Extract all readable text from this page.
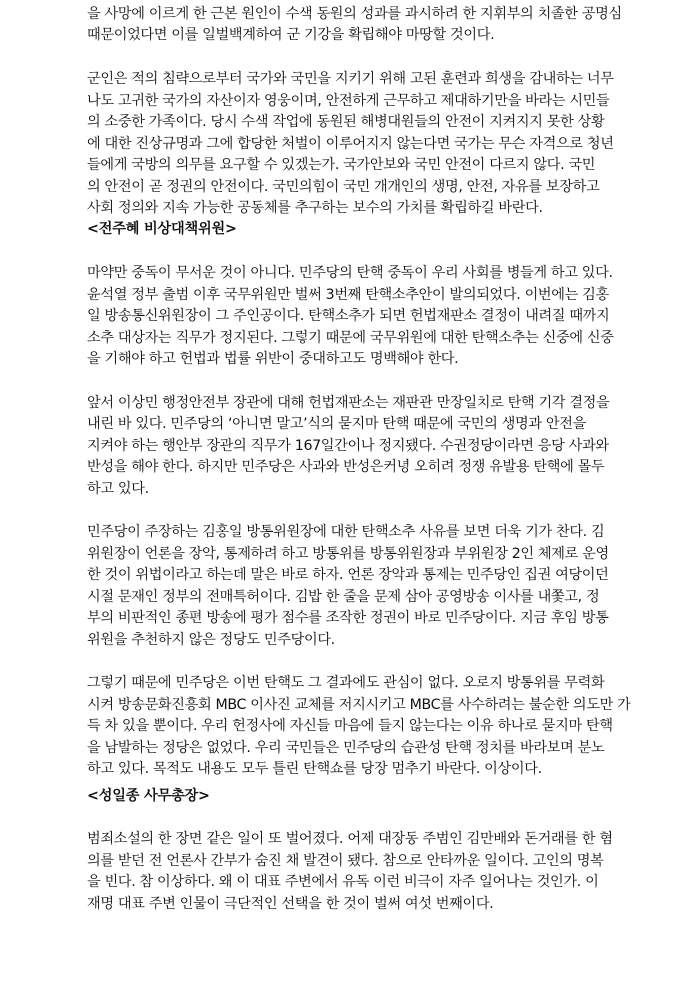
을 사망에 이르게 한 근본 원인이 수색 동원의 성과를 과시하려 한 지휘부의 치졸한 공명심
때문이었다면 이를 일벌백계하여 군 기강을 확립해야 마땅할 것이다.
군인은 적의 침략으로부터 국가와 국민을 지키기 위해 고된 훈련과 희생을 감내하는 너무
나도 고귀한 국가의 자산이자 영웅이며, 안전하게 근무하고 제대하기만을 바라는 시민들
의 소중한 가족이다. 당시 수색 작업에 동원된 해병대원들의 안전이 지켜지지 못한 상황
에 대한 진상규명과 그에 합당한 처벌이 이루어지지 않는다면 국가는 무슨 자격으로 청년
들에게 국방의 의무를 요구할 수 있겠는가. 국가안보와 국민 안전이 다르지 않다. 국민
의 안전이 곧 정권의 안전이다. 국민의힘이 국민 개개인의 생명, 안전, 자유를 보장하고
사회 정의와 지속 가능한 공동체를 추구하는 보수의 가치를 확립하길 바란다.
<전주혜 비상대책위원>
마약만 중독이 무서운 것이 아니다. 민주당의 탄핵 중독이 우리 사회를 병들게 하고 있다.
윤석열 정부 출범 이후 국무위원만 벌써 3번째 탄핵소추안이 발의되었다. 이번에는 김홍
일 방송통신위원장이 그 주인공이다. 탄핵소추가 되면 헌법재판소 결정이 내려질 때까지
소추 대상자는 직무가 정지된다. 그렇기 때문에 국무위원에 대한 탄핵소추는 신중에 신중
을 기해야 하고 헌법과 법률 위반이 중대하고도 명백해야 한다.
앞서 이상민 행정안전부 장관에 대해 헌법재판소는 재판관 만장일치로 탄핵 기각 결정을
내린 바 있다. 민주당의 ‘아니면 말고’식의 묻지마 탄핵 때문에 국민의 생명과 안전을
지켜야 하는 행안부 장관의 직무가 167일간이나 정지됐다. 수권정당이라면 응당 사과와
반성을 해야 한다. 하지만 민주당은 사과와 반성은커녕 오히려 정쟁 유발용 탄핵에 몰두
하고 있다.
민주당이 주장하는 김홍일 방통위원장에 대한 탄핵소추 사유를 보면 더욱 기가 찬다. 김
위원장이 언론을 장악, 통제하려 하고 방통위를 방통위원장과 부위원장 2인 체제로 운영
한 것이 위법이라고 하는데 말은 바로 하자. 언론 장악과 통제는 민주당인 집권 여당이던
시절 문재인 정부의 전매특허이다. 김밥 한 줄을 문제 삼아 공영방송 이사를 내쫓고, 정
부의 비판적인 종편 방송에 평가 점수를 조작한 정권이 바로 민주당이다. 지금 후임 방통
위원을 추천하지 않은 정당도 민주당이다.
그렇기 때문에 민주당은 이번 탄핵도 그 결과에도 관심이 없다. 오로지 방통위를 무력화
시켜 방송문화진흥회 MBC 이사진 교체를 저지시키고 MBC를 사수하려는 불순한 의도만 가
득 차 있을 뿐이다. 우리 헌정사에 자신들 마음에 들지 않는다는 이유 하나로 묻지마 탄핵
을 남발하는 정당은 없었다. 우리 국민들은 민주당의 습관성 탄핵 정치를 바라보며 분노
하고 있다. 목적도 내용도 모두 틀린 탄핵쇼를 당장 멈추기 바란다. 이상이다.
<성일종 사무총장>
범죄소설의 한 장면 같은 일이 또 벌어졌다. 어제 대장동 주범인 김만배와 돈거래를 한 혐
의를 받던 전 언론사 간부가 숨진 채 발견이 됐다. 참으로 안타까운 일이다. 고인의 명복
을 빈다. 참 이상하다. 왜 이 대표 주변에서 유독 이런 비극이 자주 일어나는 것인가. 이
재명 대표 주변 인물이 극단적인 선택을 한 것이 벌써 여섯 번째이다.
